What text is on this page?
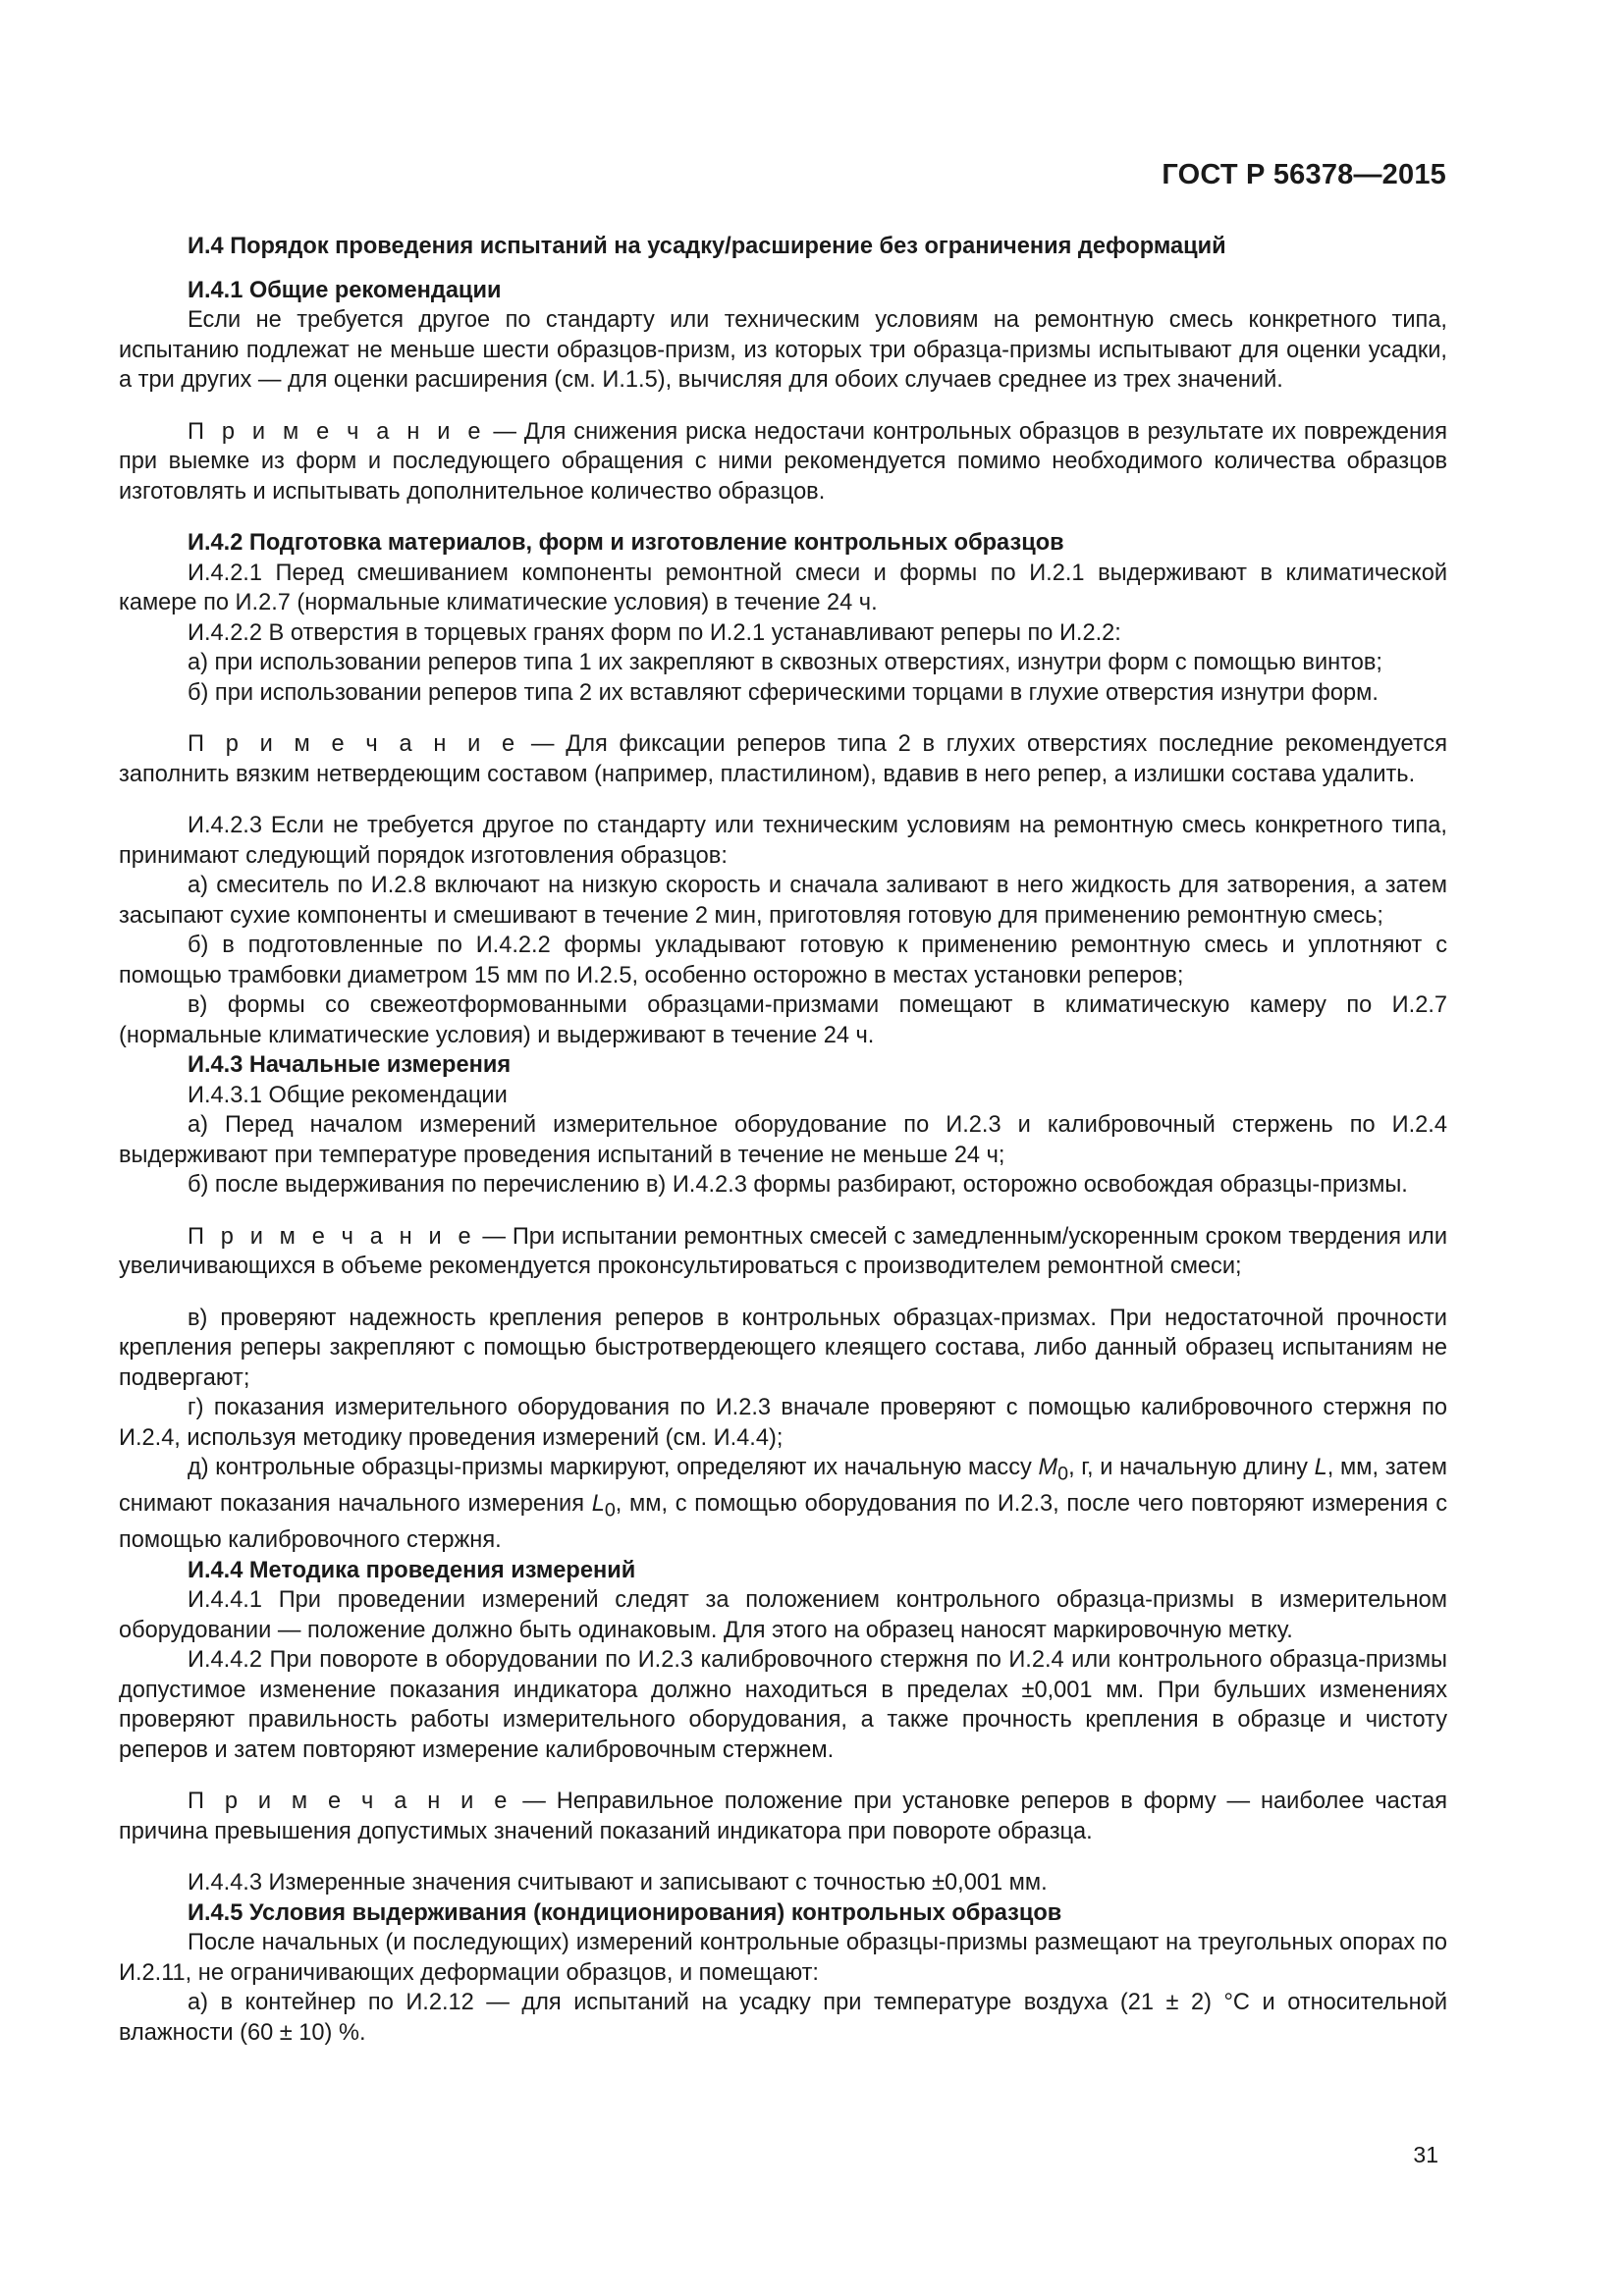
ГОСТ Р 56378—2015

И.4 Порядок проведения испытаний на усадку/расширение без ограничения деформаций

И.4.1 Общие рекомендации

Если не требуется другое по стандарту или техническим условиям на ремонтную смесь конкретного типа, испытанию подлежат не меньше шести образцов-призм, из которых три образца-призмы испытывают для оценки усадки, а три других — для оценки расширения (см. И.1.5), вычисляя для обоих случаев среднее из трех значений.

П р и м е ч а н и е — Для снижения риска недостачи контрольных образцов в результате их повреждения при выемке из форм и последующего обращения с ними рекомендуется помимо необходимого количества образцов изготовлять и испытывать дополнительное количество образцов.

И.4.2 Подготовка материалов, форм и изготовление контрольных образцов

И.4.2.1 Перед смешиванием компоненты ремонтной смеси и формы по И.2.1 выдерживают в климатической камере по И.2.7 (нормальные климатические условия) в течение 24 ч.

И.4.2.2 В отверстия в торцевых гранях форм по И.2.1 устанавливают реперы по И.2.2:

а) при использовании реперов типа 1 их закрепляют в сквозных отверстиях, изнутри форм с помощью винтов;

б) при использовании реперов типа 2 их вставляют сферическими торцами в глухие отверстия изнутри форм.

П р и м е ч а н и е — Для фиксации реперов типа 2 в глухих отверстиях последние рекомендуется заполнить вязким нетвердеющим составом (например, пластилином), вдавив в него репер, а излишки состава удалить.

И.4.2.3 Если не требуется другое по стандарту или техническим условиям на ремонтную смесь конкретного типа, принимают следующий порядок изготовления образцов:

а) смеситель по И.2.8 включают на низкую скорость и сначала заливают в него жидкость для затворения, а затем засыпают сухие компоненты и смешивают в течение 2 мин, приготовляя готовую для применению ремонтную смесь;

б) в подготовленные по И.4.2.2 формы укладывают готовую к применению ремонтную смесь и уплотняют с помощью трамбовки диаметром 15 мм по И.2.5, особенно осторожно в местах установки реперов;

в) формы со свежеотформованными образцами-призмами помещают в климатическую камеру по И.2.7 (нормальные климатические условия) и выдерживают в течение 24 ч.

И.4.3 Начальные измерения

И.4.3.1 Общие рекомендации

а) Перед началом измерений измерительное оборудование по И.2.3 и калибровочный стержень по И.2.4 выдерживают при температуре проведения испытаний в течение не меньше 24 ч;

б) после выдерживания по перечислению в) И.4.2.3 формы разбирают, осторожно освобождая образцы-призмы.

П р и м е ч а н и е — При испытании ремонтных смесей с замедленным/ускоренным сроком твердения или увеличивающихся в объеме рекомендуется проконсультироваться с производителем ремонтной смеси;

в) проверяют надежность крепления реперов в контрольных образцах-призмах. При недостаточной прочности крепления реперы закрепляют с помощью быстротвердеющего клеящего состава, либо данный образец испытаниям не подвергают;

г) показания измерительного оборудования по И.2.3 вначале проверяют с помощью калибровочного стержня по И.2.4, используя методику проведения измерений (см. И.4.4);

д) контрольные образцы-призмы маркируют, определяют их начальную массу $M_0$, г, и начальную длину L, мм, затем снимают показания начального измерения $L_0$, мм, с помощью оборудования по И.2.3, после чего повторяют измерения с помощью калибровочного стержня.

И.4.4 Методика проведения измерений

И.4.4.1 При проведении измерений следят за положением контрольного образца-призмы в измерительном оборудовании — положение должно быть одинаковым. Для этого на образец наносят маркировочную метку.

И.4.4.2 При повороте в оборудовании по И.2.3 калибровочного стержня по И.2.4 или контрольного образца-призмы допустимое изменение показания индикатора должно находиться в пределах ±0,001 мм. При бульших изменениях проверяют правильность работы измерительного оборудования, а также прочность крепления в образце и чистоту реперов и затем повторяют измерение калибровочным стержнем.

П р и м е ч а н и е — Неправильное положение при установке реперов в форму — наиболее частая причина превышения допустимых значений показаний индикатора при повороте образца.

И.4.4.3 Измеренные значения считывают и записывают с точностью ±0,001 мм.

И.4.5 Условия выдерживания (кондиционирования) контрольных образцов

После начальных (и последующих) измерений контрольные образцы-призмы размещают на треугольных опорах по И.2.11, не ограничивающих деформации образцов, и помещают:

а) в контейнер по И.2.12 — для испытаний на усадку при температуре воздуха (21 ± 2) °С и относительной влажности (60 ± 10) %.

31
